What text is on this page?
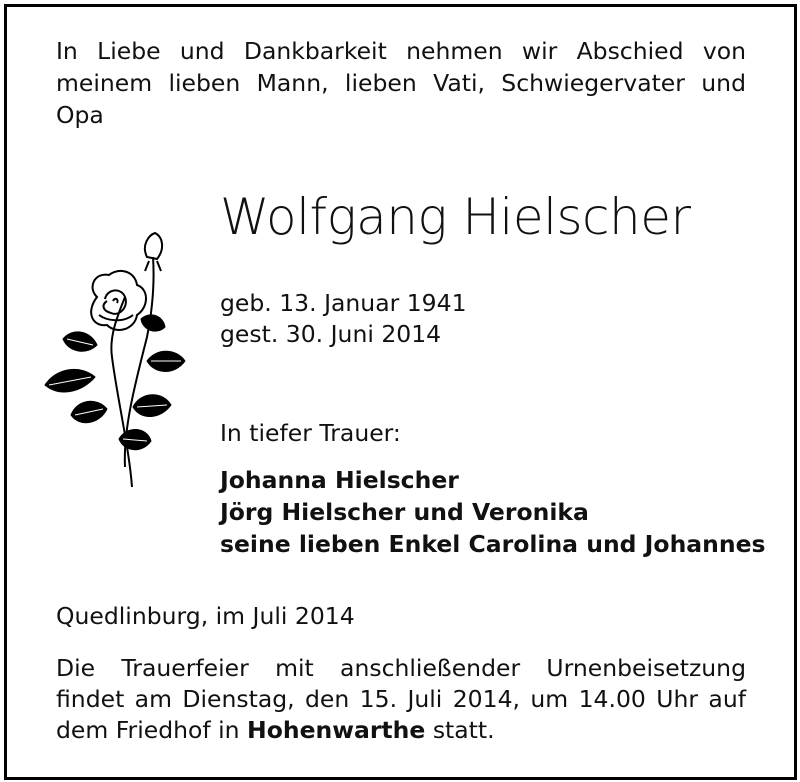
In Liebe und Dankbarkeit nehmen wir Abschied von meinem lieben Mann, lieben Vati, Schwiegervater und Opa
Wolfgang Hielscher
geb. 13. Januar 1941
gest. 30. Juni 2014
In tiefer Trauer:
Johanna Hielscher
Jörg Hielscher und Veronika
seine lieben Enkel Carolina und Johannes
Quedlinburg, im Juli 2014
Die Trauerfeier mit anschließender Urnenbeisetzung findet am Dienstag, den 15. Juli 2014, um 14.00 Uhr auf dem Friedhof in Hohenwarthe statt.
